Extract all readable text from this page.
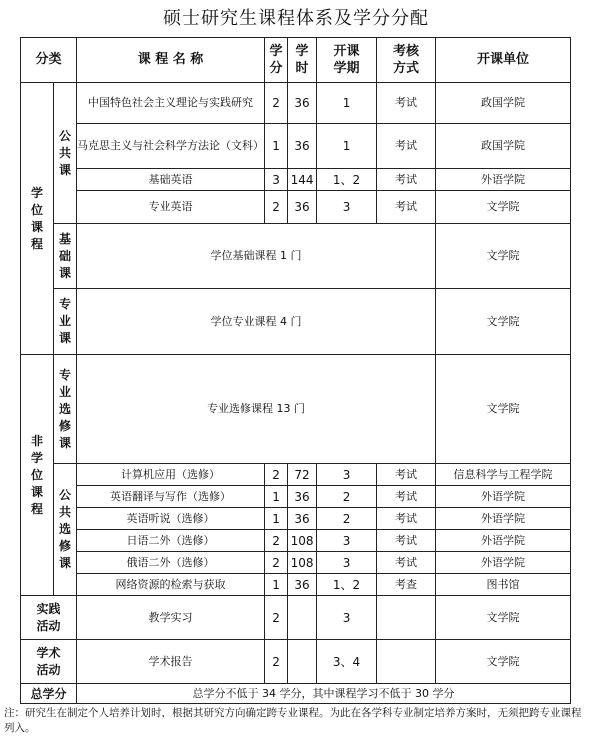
硕士研究生课程体系及学分分配
分类		课 程 名 称	学分	学时	开课学期	考核方式	开课单位
学位课程	公共课	中国特色社会主义理论与实践研究	2	36	1	考试	政国学院
		马克思主义与社会科学方法论（文科）	1	36	1	考试	政国学院
		基础英语	3	144	1、2	考试	外语学院
		专业英语	2	36	3	考试	文学院
	基础课	学位基础课程 1 门					文学院
	专业课	学位专业课程 4 门					文学院
非学位课程	专业选修课	专业选修课程 13 门					文学院
	公共选修课	计算机应用（选修）	2	72	3	考试	信息科学与工程学院
		英语翻译与写作（选修）	1	36	2	考试	外语学院
		英语听说（选修）	1	36	2	考试	外语学院
		日语二外（选修）	2	108	3	考试	外语学院
		俄语二外（选修）	2	108	3	考试	外语学院
		网络资源的检索与获取	1	36	1、2	考查	图书馆
实践活动		教学实习	2		3		文学院
学术活动		学术报告	2		3、4		文学院
总学分		总学分不低于 34 学分，其中课程学习不低于 30 学分					
注：研究生在制定个人培养计划时，根据其研究方向确定跨专业课程。为此在各学科专业制定培养方案时，无须把跨专业课程列入。
